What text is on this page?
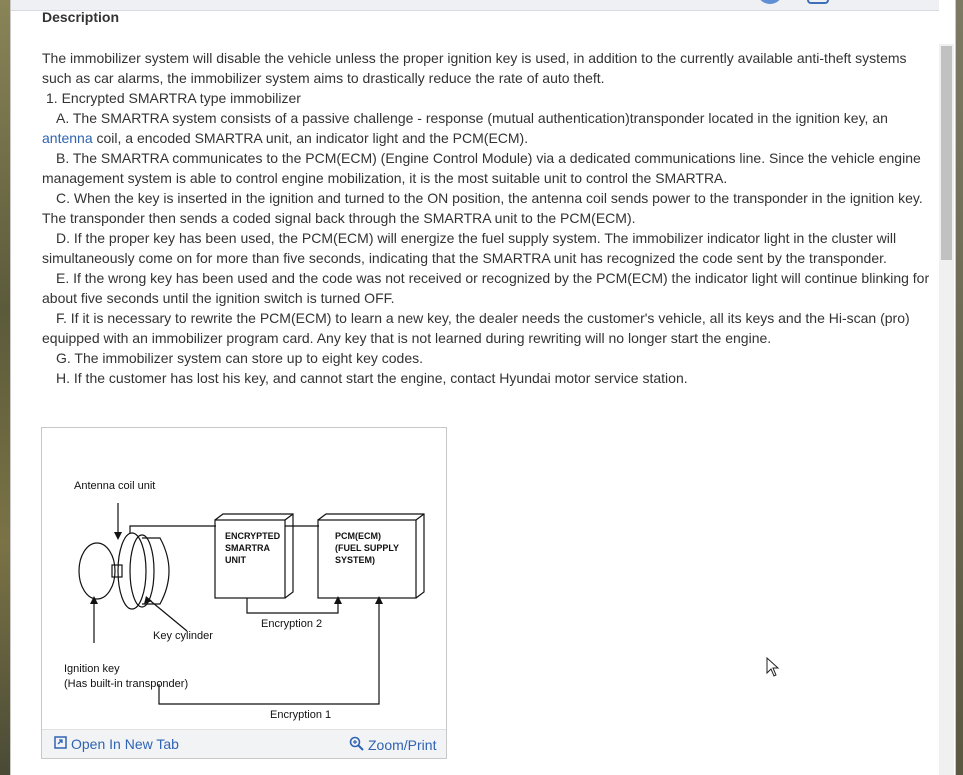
Description

The immobilizer system will disable the vehicle unless the proper ignition key is used, in addition to the currently available anti-theft systems such as car alarms, the immobilizer system aims to drastically reduce the rate of auto theft.

1. Encrypted SMARTRA type immobilizer

A. The SMARTRA system consists of a passive challenge - response (mutual authentication)transponder located in the ignition key, an antenna coil, a encoded SMARTRA unit, an indicator light and the PCM(ECM).

B. The SMARTRA communicates to the PCM(ECM) (Engine Control Module) via a dedicated communications line. Since the vehicle engine management system is able to control engine mobilization, it is the most suitable unit to control the SMARTRA.

C. When the key is inserted in the ignition and turned to the ON position, the antenna coil sends power to the transponder in the ignition key. The transponder then sends a coded signal back through the SMARTRA unit to the PCM(ECM).

D. If the proper key has been used, the PCM(ECM) will energize the fuel supply system. The immobilizer indicator light in the cluster will simultaneously come on for more than five seconds, indicating that the SMARTRA unit has recognized the code sent by the transponder.

E. If the wrong key has been used and the code was not received or recognized by the PCM(ECM) the indicator light will continue blinking for about five seconds until the ignition switch is turned OFF.

F. If it is necessary to rewrite the PCM(ECM) to learn a new key, the dealer needs the customer's vehicle, all its keys and the Hi-scan (pro) equipped with an immobilizer program card. Any key that is not learned during rewriting will no longer start the engine.

G. The immobilizer system can store up to eight key codes.

H. If the customer has lost his key, and cannot start the engine, contact Hyundai motor service station.

Antenna coil unit
ENCRYPTED
SMARTRA
UNIT
PCM(ECM)
(FUEL SUPPLY
SYSTEM)
Key cylinder
Encryption 2
Ignition key
(Has built-in transponder)
Encryption 1
Open In New Tab	Zoom/Print
